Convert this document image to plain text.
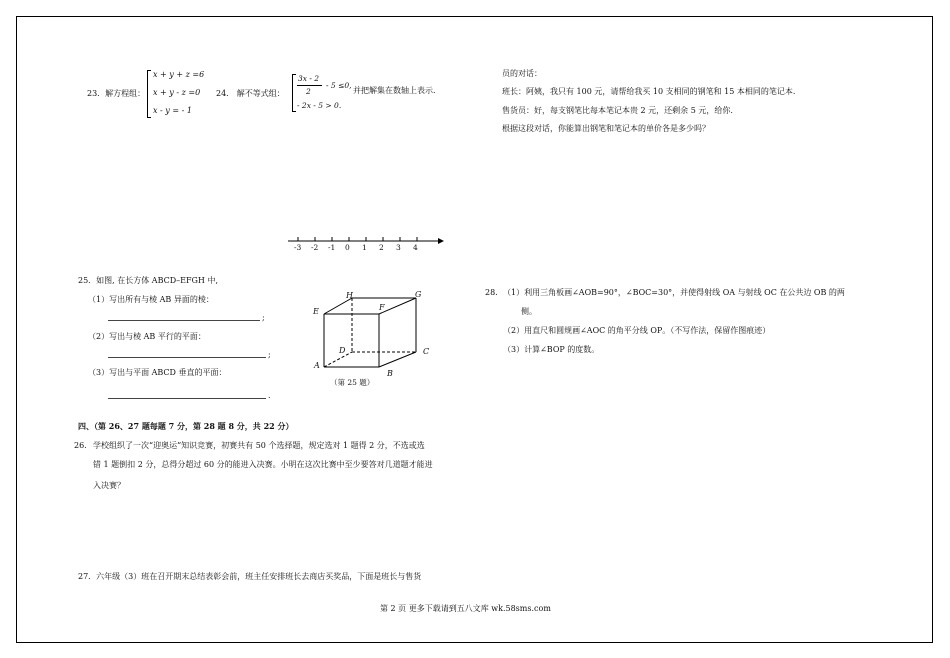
23．解方程组：
x + y + z =6
x + y - z =0
x - y = - 1
24． 解不等式组：
3x - 2
2
- 5 ≤0,
- 2x - 5 > 0.
并把解集在数轴上表示.
-3 -2 -1 0 1 2 3 4
25．如图, 在长方体 ABCD–EFGH 中,
（1）写出所有与棱 AB 异面的棱：
;
（2）写出与棱 AB 平行的平面：
;
（3）写出与平面 ABCD 垂直的平面：
.
A
B
C
D
E	F
G
H
（第 25 题）
四、（第 26、27 题每题 7 分，第 28 题 8 分，共 22 分）
26. 学校组织了一次“迎奥运”知识竞赛，初赛共有 50 个选择题，规定选对 1 题得 2 分，不选或选
错 1 题倒扣 2 分，总得分超过 60 分的能进入决赛。小明在这次比赛中至少要答对几道题才能进
入决赛？
27．六年级（3）班在召开期末总结表彰会前，班主任安排班长去商店买奖品，下面是班长与售货
员的对话：
班长：阿姨，我只有 100 元，请帮给我买 10 支相同的钢笔和 15 本相同的笔记本.
售货员：好，每支钢笔比每本笔记本贵 2 元，还剩余 5 元，给你.
根据这段对话，你能算出钢笔和笔记本的单价各是多少吗？
28. （1）利用三角板画∠AOB=90°，∠BOC=30°，并使得射线 OA 与射线 OC 在公共边 OB 的两
侧。
（2）用直尺和圆规画∠AOC 的角平分线 OP。（不写作法，保留作图痕迹）
（3）计算∠BOP 的度数。
第 2 页 更多下载请到五八文库 wk.58sms.com
